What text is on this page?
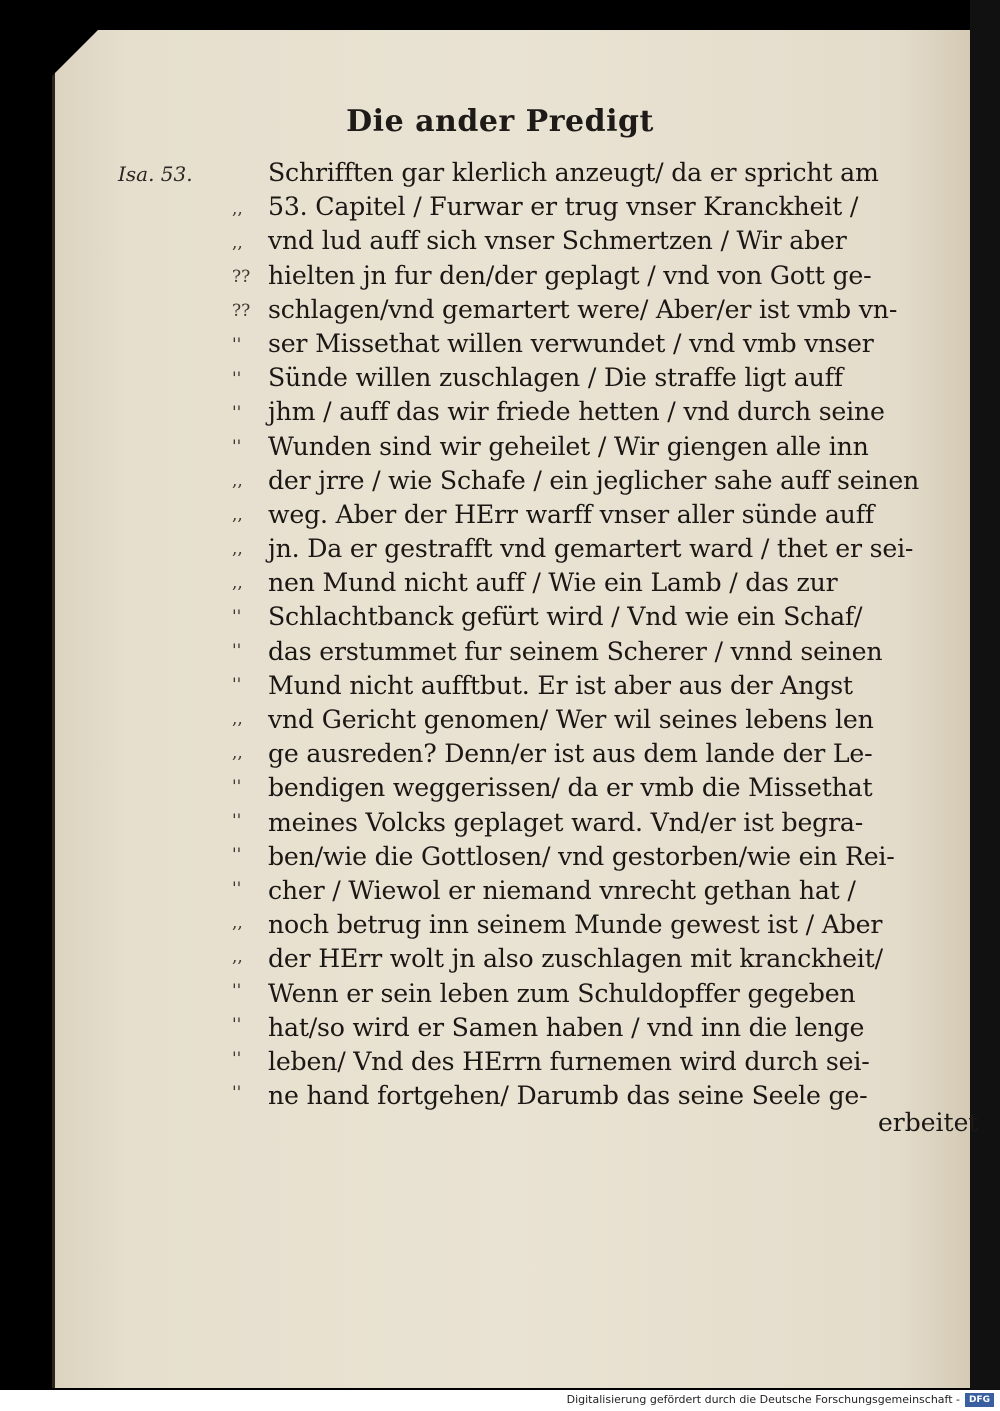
Die ander Predigt
Isa. 53.
,,
,,
??
??
''
''
''
''
,,
,,
,,
,,
''
''
''
,,
,,
''
''
''
''
,,
,,
''
''
''
''
Schrifften gar klerlich anzeugt/ da er spricht am
53. Capitel / Furwar er trug vnser Kranckheit /
vnd lud auff sich vnser Schmertzen / Wir aber
hielten jn fur den/der geplagt / vnd von Gott ge-
schlagen/vnd gemartert were/ Aber/er ist vmb vn-
ser Missethat willen verwundet / vnd vmb vnser
Sünde willen zuschlagen / Die straffe ligt auff
jhm / auff das wir friede hetten / vnd durch seine
Wunden sind wir geheilet / Wir giengen alle inn
der jrre / wie Schafe / ein jeglicher sahe auff seinen
weg. Aber der HErr warff vnser aller sünde auff
jn. Da er gestrafft vnd gemartert ward / thet er sei-
nen Mund nicht auff / Wie ein Lamb / das zur
Schlachtbanck gefürt wird / Vnd wie ein Schaf/
das erstummet fur seinem Scherer / vnnd seinen
Mund nicht aufftbut. Er ist aber aus der Angst
vnd Gericht genomen/ Wer wil seines lebens len
ge ausreden? Denn/er ist aus dem lande der Le-
bendigen weggerissen/ da er vmb die Missethat
meines Volcks geplaget ward. Vnd/er ist begra-
ben/wie die Gottlosen/ vnd gestorben/wie ein Rei-
cher / Wiewol er niemand vnrecht gethan hat /
noch betrug inn seinem Munde gewest ist / Aber
der HErr wolt jn also zuschlagen mit kranckheit/
Wenn er sein leben zum Schuldopffer gegeben
hat/so wird er Samen haben / vnd inn die lenge
leben/ Vnd des HErrn furnemen wird durch sei-
ne hand fortgehen/ Darumb das seine Seele ge-
erbeitet
Digitalisierung gefördert durch die Deutsche Forschungsgemeinschaft - DFG
